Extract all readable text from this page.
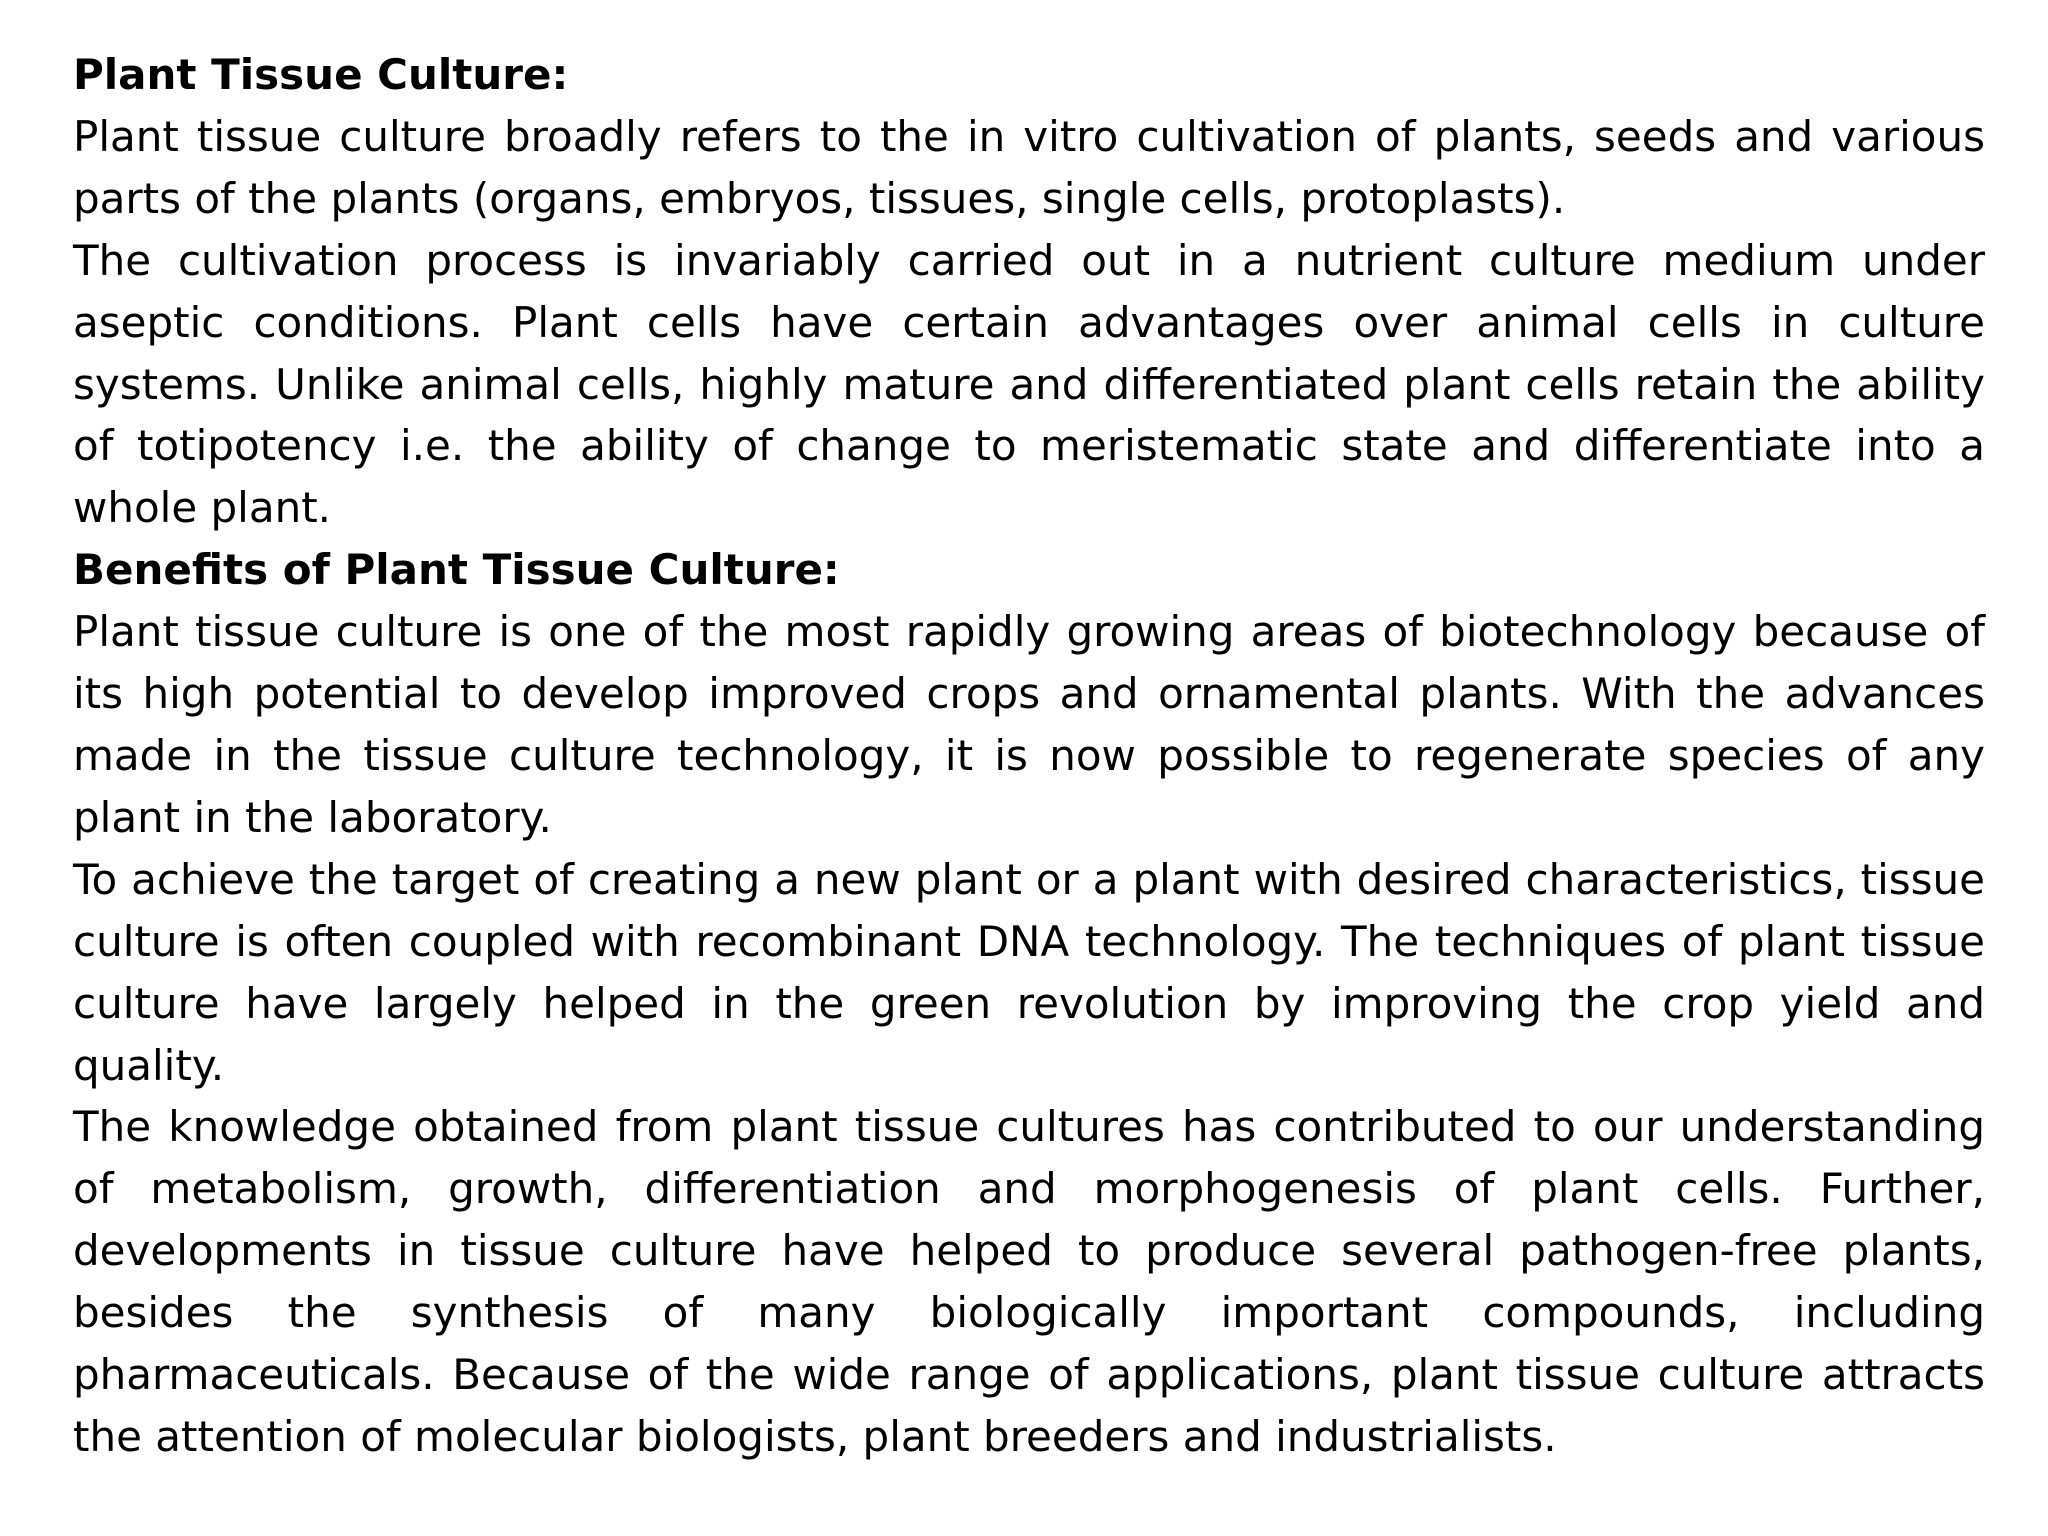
Plant Tissue Culture:

Plant tissue culture broadly refers to the in vitro cultivation of plants, seeds and various parts of the plants (organs, embryos, tissues, single cells, protoplasts).

The cultivation process is invariably carried out in a nutrient culture medium under aseptic conditions. Plant cells have certain advantages over animal cells in culture systems. Unlike animal cells, highly mature and differentiated plant cells retain the ability of totipotency i.e. the ability of change to meristematic state and differentiate into a whole plant.

Benefits of Plant Tissue Culture:

Plant tissue culture is one of the most rapidly growing areas of biotechnology because of its high potential to develop improved crops and ornamental plants. With the advances made in the tissue culture technology, it is now possible to regenerate species of any plant in the laboratory.

To achieve the target of creating a new plant or a plant with desired characteristics, tissue culture is often coupled with recombinant DNA technology. The techniques of plant tissue culture have largely helped in the green revolution by improving the crop yield and quality.

The knowledge obtained from plant tissue cultures has contributed to our understanding of metabolism, growth, differentiation and morphogenesis of plant cells. Further, developments in tissue culture have helped to produce several pathogen-free plants, besides the synthesis of many biologically important compounds, including pharmaceuticals. Because of the wide range of applications, plant tissue culture attracts the attention of molecular biologists, plant breeders and industrialists.
